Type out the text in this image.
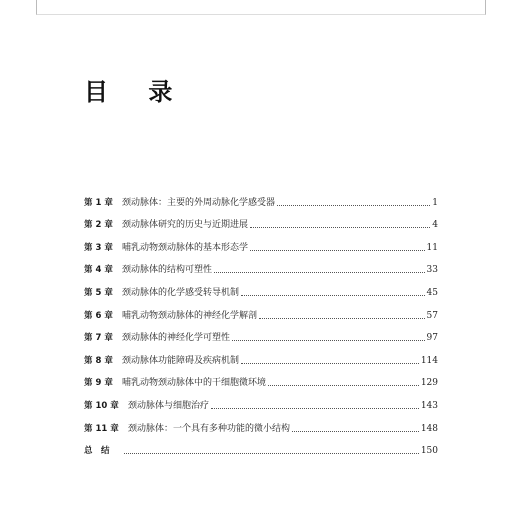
目 录
第 1 章	颈动脉体：主要的外周动脉化学感受器	1
第 2 章	颈动脉体研究的历史与近期进展	4
第 3 章	哺乳动物颈动脉体的基本形态学	11
第 4 章	颈动脉体的结构可塑性	33
第 5 章	颈动脉体的化学感受转导机制	45
第 6 章	哺乳动物颈动脉体的神经化学解剖	57
第 7 章	颈动脉体的神经化学可塑性	97
第 8 章	颈动脉体功能障碍及疾病机制	114
第 9 章	哺乳动物颈动脉体中的干细胞微环境	129
第 10 章	颈动脉体与细胞治疗	143
第 11 章	颈动脉体：一个具有多种功能的微小结构	148
总　结	150
